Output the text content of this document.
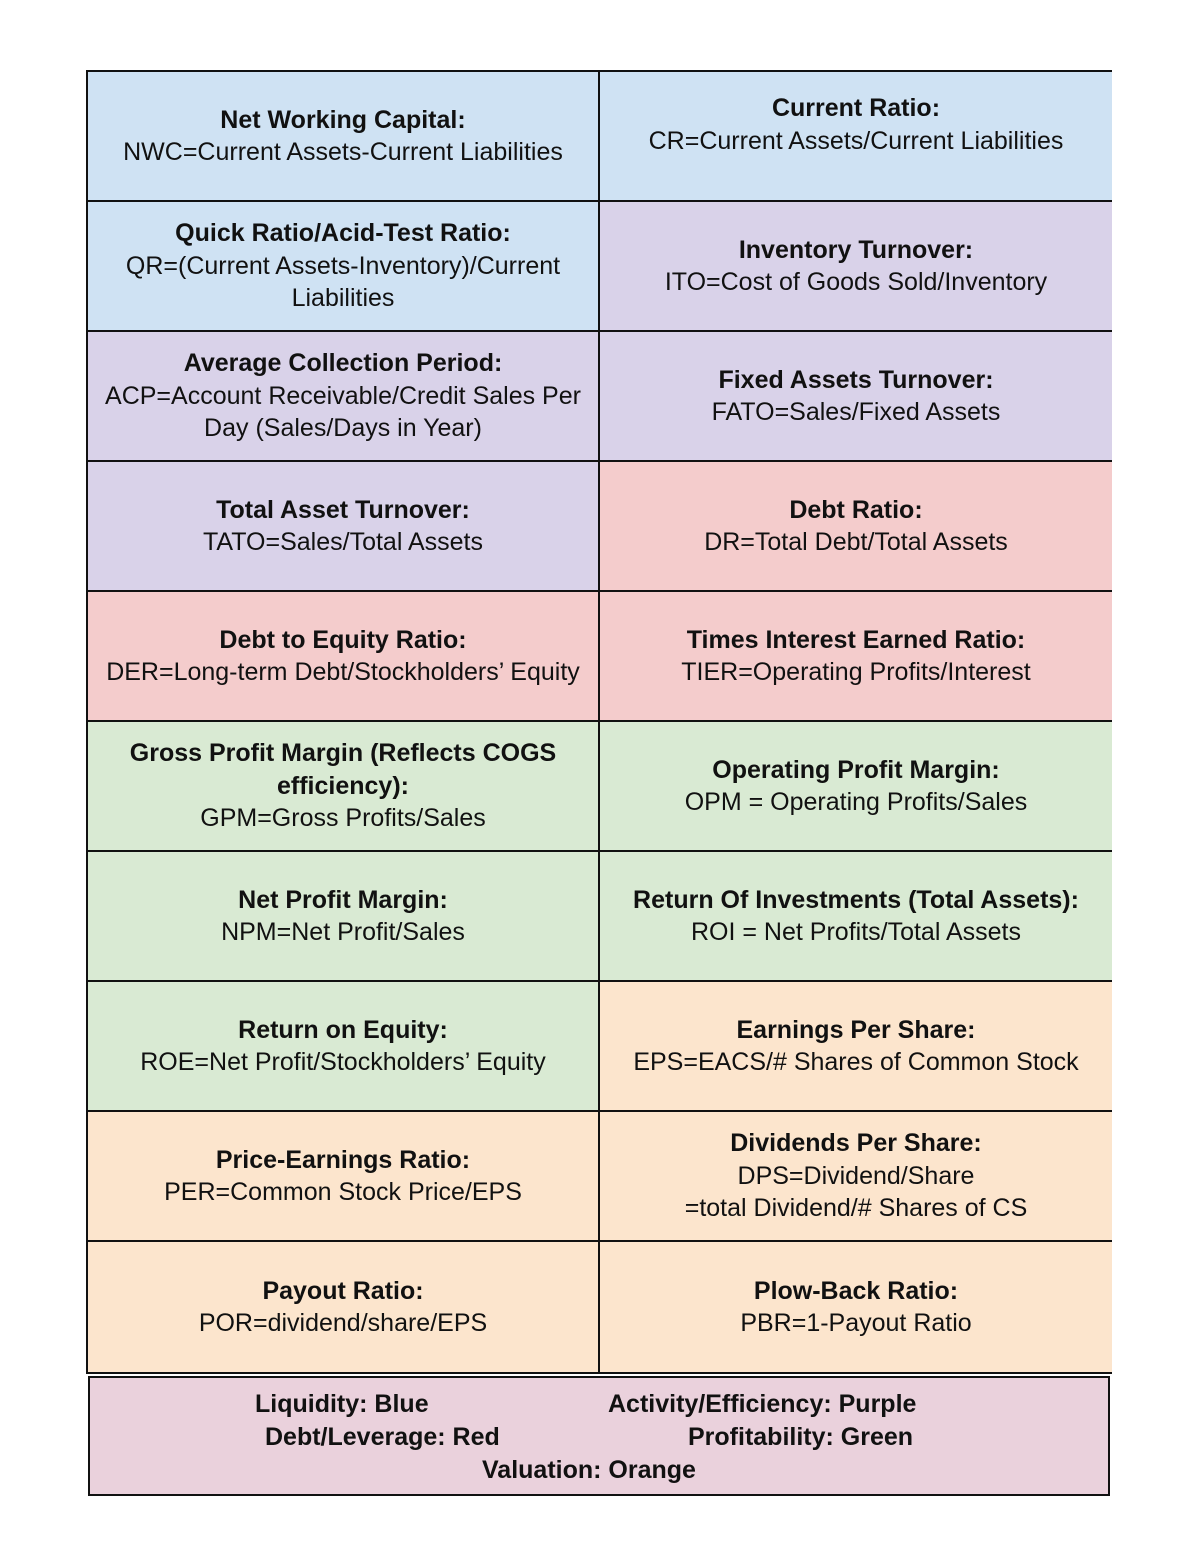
Net Working Capital:
NWC=Current Assets-Current Liabilities
Current Ratio:
CR=Current Assets/Current Liabilities
Quick Ratio/Acid-Test Ratio:
QR=(Current Assets-Inventory)/Current Liabilities
Inventory Turnover:
ITO=Cost of Goods Sold/Inventory
Average Collection Period:
ACP=Account Receivable/Credit Sales Per Day (Sales/Days in Year)
Fixed Assets Turnover:
FATO=Sales/Fixed Assets
Total Asset Turnover:
TATO=Sales/Total Assets
Debt Ratio:
DR=Total Debt/Total Assets
Debt to Equity Ratio:
DER=Long-term Debt/Stockholders’ Equity
Times Interest Earned Ratio:
TIER=Operating Profits/Interest
Gross Profit Margin (Reflects COGS efficiency):
GPM=Gross Profits/Sales
Operating Profit Margin:
OPM = Operating Profits/Sales
Net Profit Margin:
NPM=Net Profit/Sales
Return Of Investments (Total Assets):
ROI = Net Profits/Total Assets
Return on Equity:
ROE=Net Profit/Stockholders’ Equity
Earnings Per Share:
EPS=EACS/# Shares of Common Stock
Price-Earnings Ratio:
PER=Common Stock Price/EPS
Dividends Per Share:
DPS=Dividend/Share
=total Dividend/# Shares of CS
Payout Ratio:
POR=dividend/share/EPS
Plow-Back Ratio:
PBR=1-Payout Ratio
Liquidity: Blue	Activity/Efficiency: Purple
Debt/Leverage: Red	Profitability: Green
Valuation: Orange
